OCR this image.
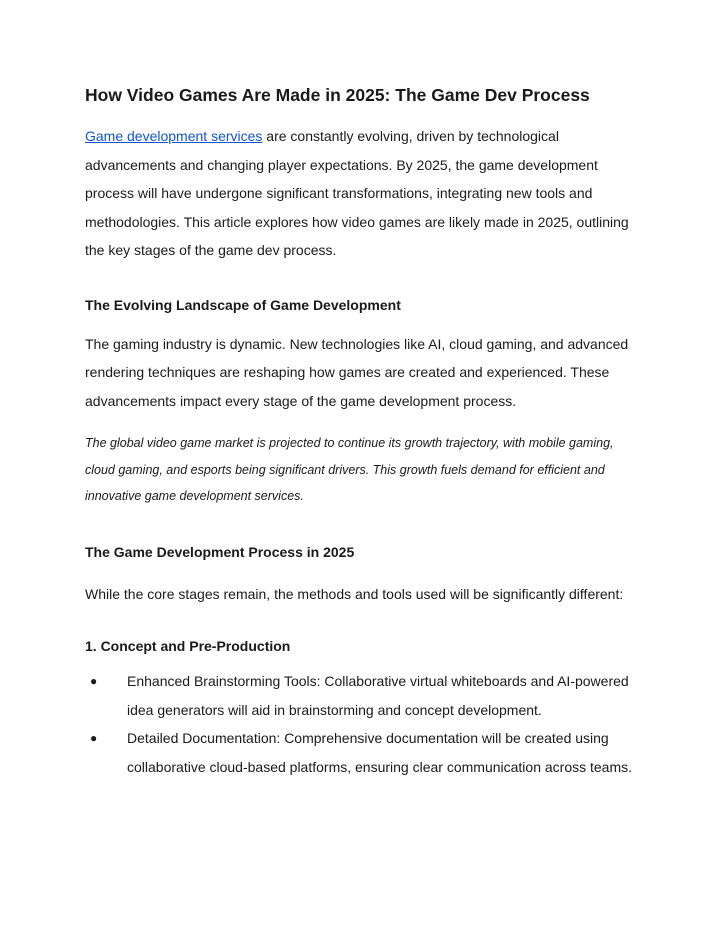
How Video Games Are Made in 2025: The Game Dev Process

Game development services are constantly evolving, driven by technological advancements and changing player expectations. By 2025, the game development process will have undergone significant transformations, integrating new tools and methodologies. This article explores how video games are likely made in 2025, outlining the key stages of the game dev process.

The Evolving Landscape of Game Development

The gaming industry is dynamic. New technologies like AI, cloud gaming, and advanced rendering techniques are reshaping how games are created and experienced. These advancements impact every stage of the game development process.

The global video game market is projected to continue its growth trajectory, with mobile gaming, cloud gaming, and esports being significant drivers. This growth fuels demand for efficient and innovative game development services.

The Game Development Process in 2025

While the core stages remain, the methods and tools used will be significantly different:

1. Concept and Pre-Production
● Enhanced Brainstorming Tools: Collaborative virtual whiteboards and AI-powered idea generators will aid in brainstorming and concept development.
● Detailed Documentation: Comprehensive documentation will be created using collaborative cloud-based platforms, ensuring clear communication across teams.
